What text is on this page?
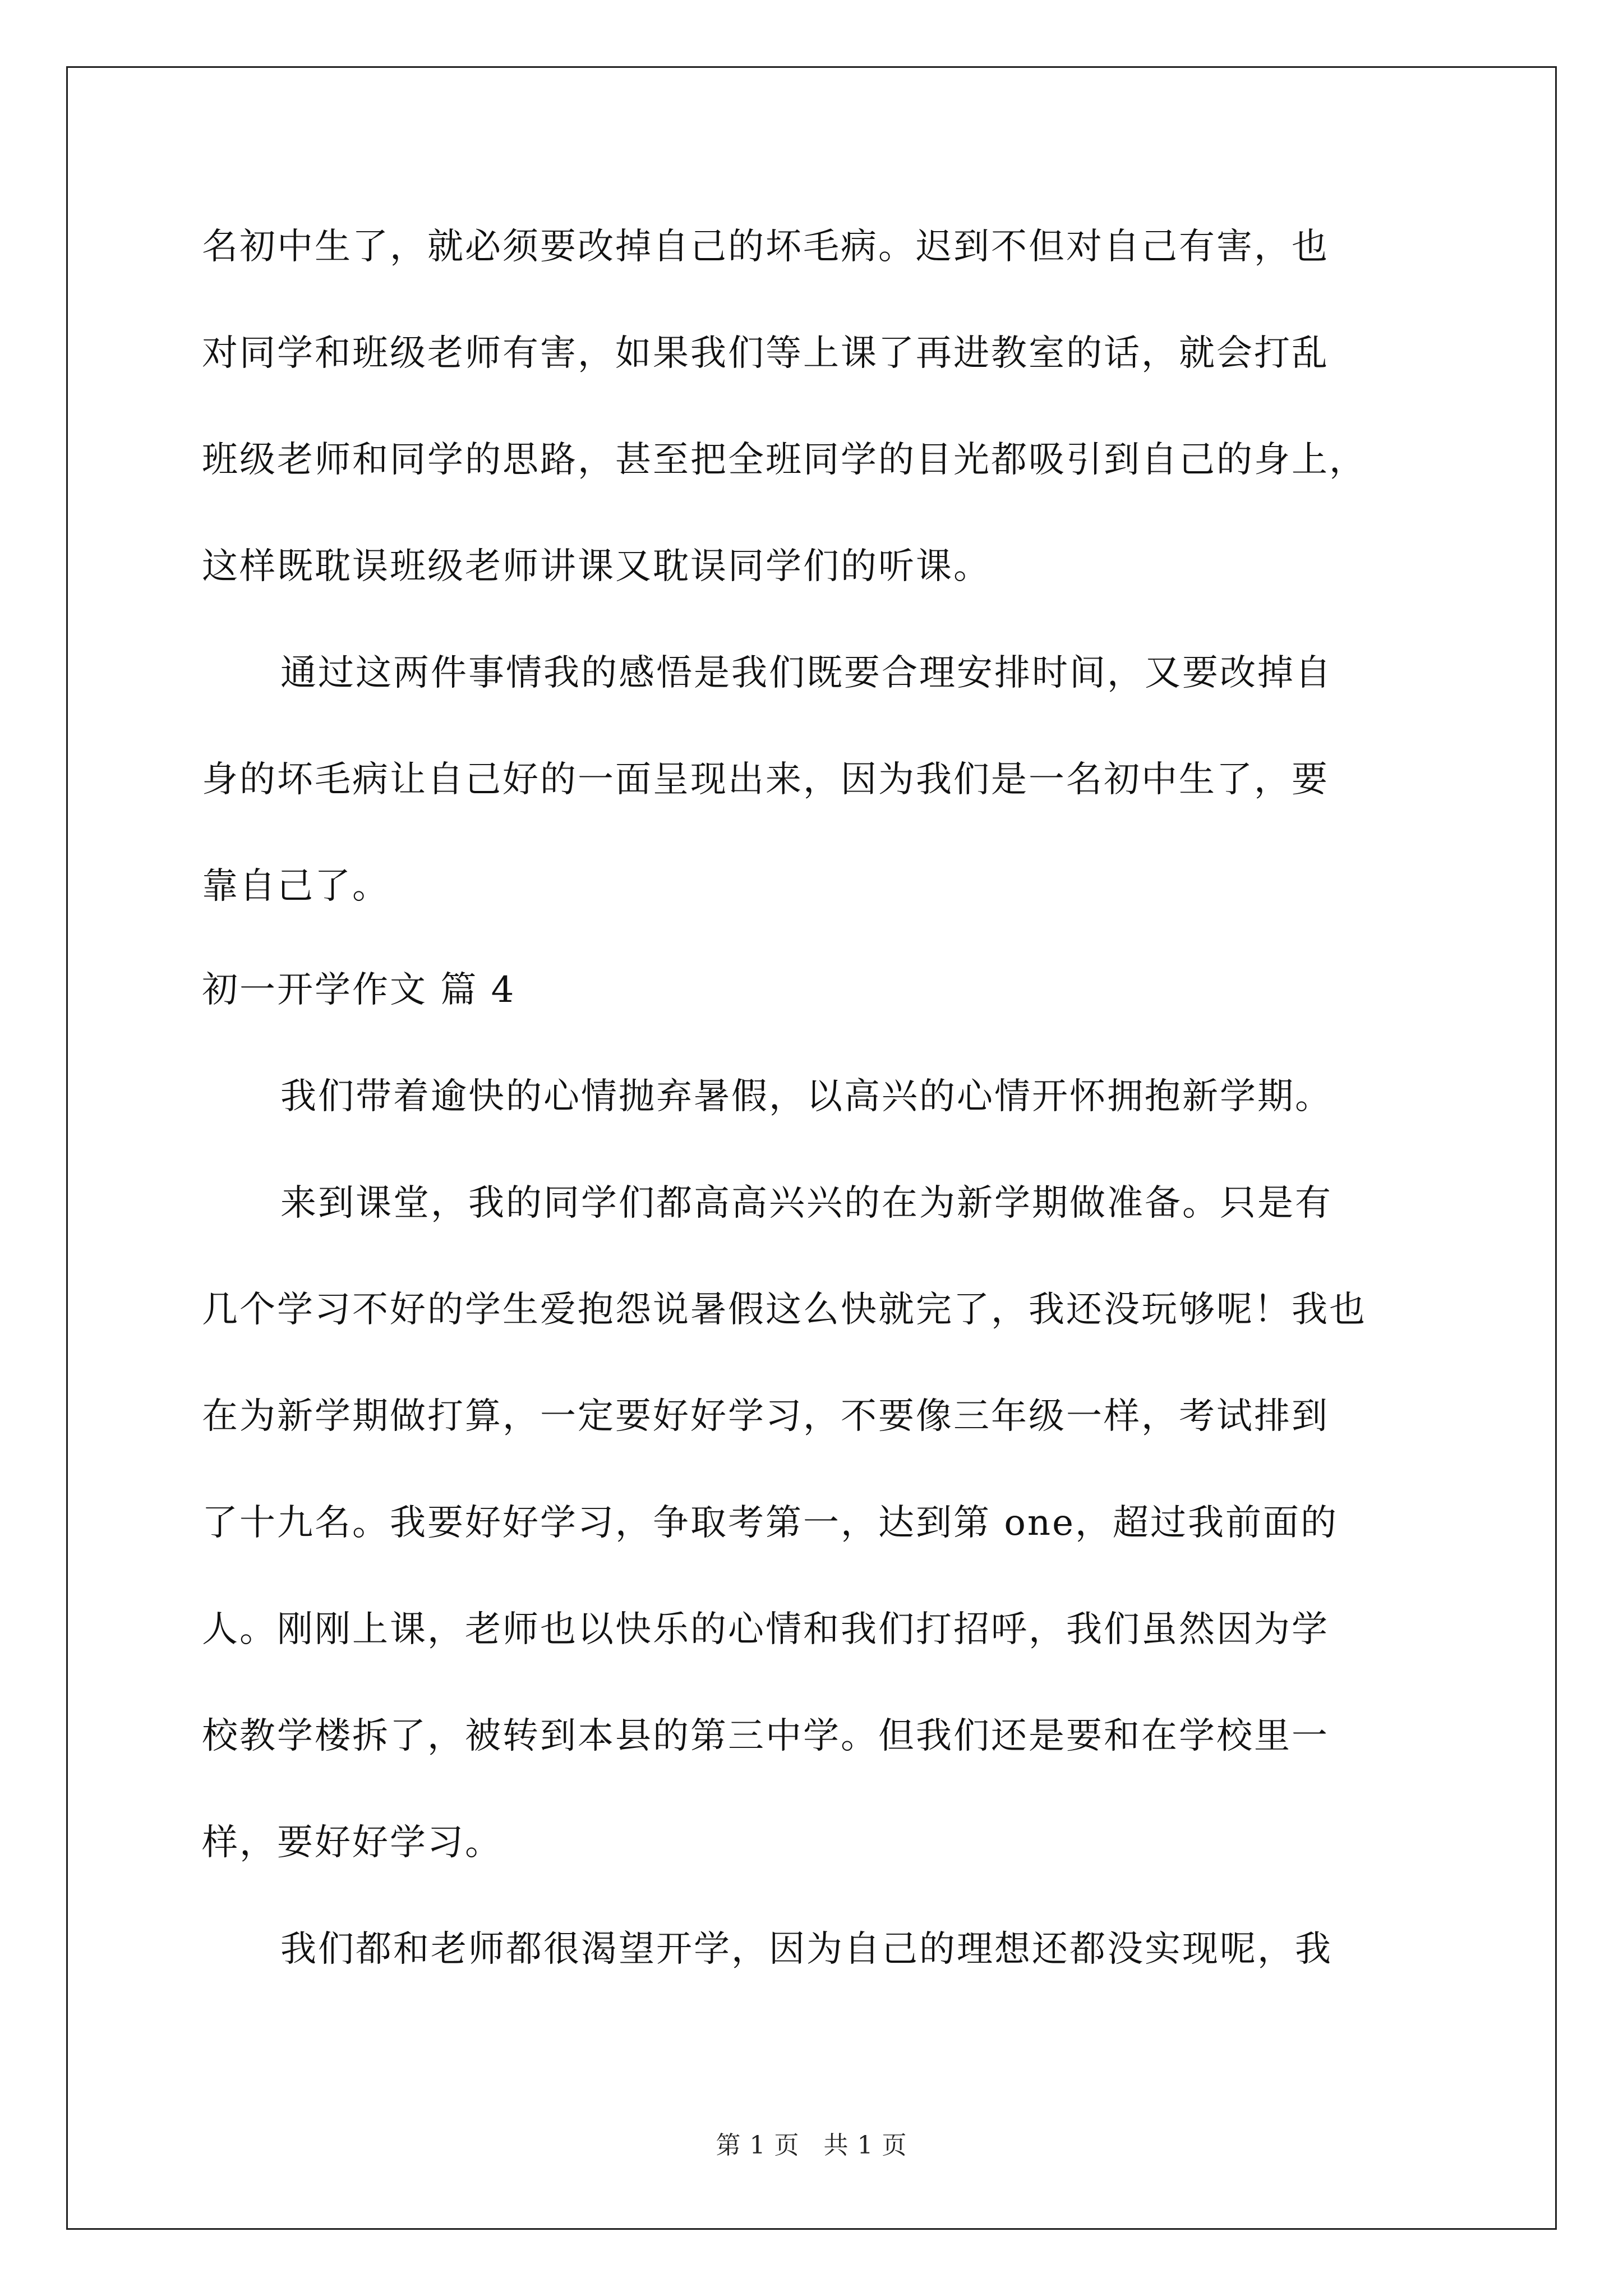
名初中生了，就必须要改掉自己的坏毛病。迟到不但对自己有害，也
对同学和班级老师有害，如果我们等上课了再进教室的话，就会打乱
班级老师和同学的思路，甚至把全班同学的目光都吸引到自己的身上，
这样既耽误班级老师讲课又耽误同学们的听课。
通过这两件事情我的感悟是我们既要合理安排时间，又要改掉自
身的坏毛病让自己好的一面呈现出来，因为我们是一名初中生了，要
靠自己了。
初一开学作文 篇 4
我们带着逾快的心情抛弃暑假，以高兴的心情开怀拥抱新学期。
来到课堂，我的同学们都高高兴兴的在为新学期做准备。只是有
几个学习不好的学生爱抱怨说暑假这么快就完了，我还没玩够呢！我也
在为新学期做打算，一定要好好学习，不要像三年级一样，考试排到
了十九名。我要好好学习，争取考第一，达到第 one，超过我前面的
人。刚刚上课，老师也以快乐的心情和我们打招呼，我们虽然因为学
校教学楼拆了，被转到本县的第三中学。但我们还是要和在学校里一
样，要好好学习。
我们都和老师都很渴望开学，因为自己的理想还都没实现呢，我
第 1 页 共 1 页
